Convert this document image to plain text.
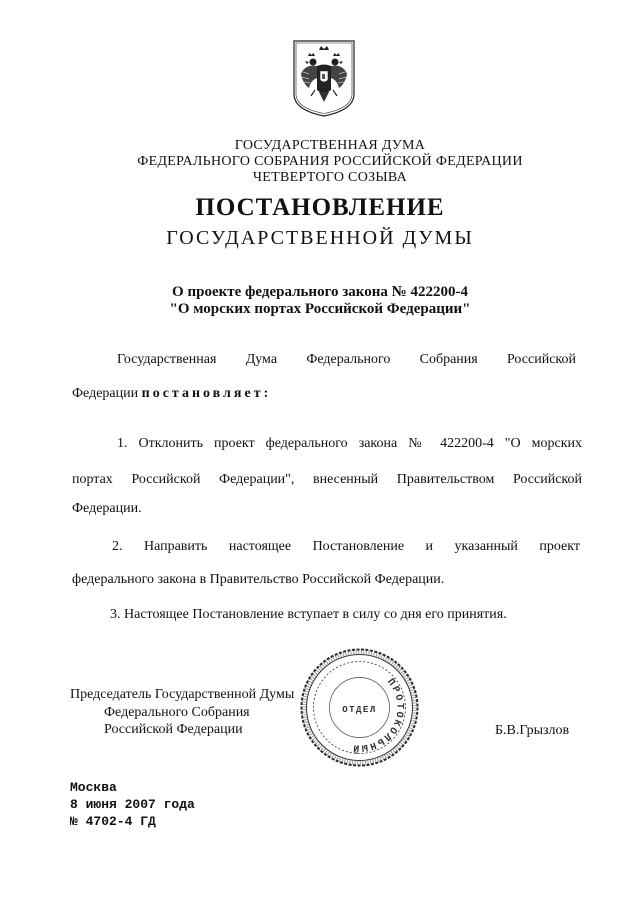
ГОСУДАРСТВЕННАЯ ДУМА
ФЕДЕРАЛЬНОГО СОБРАНИЯ РОССИЙСКОЙ ФЕДЕРАЦИИ
ЧЕТВЕРТОГО СОЗЫВА
ПОСТАНОВЛЕНИЕ
ГОСУДАРСТВЕННОЙ ДУМЫ
О проекте федерального закона № 422200-4
"О морских портах Российской Федерации"
Государственная Дума Федерального Собрания Российской
Федерации постановляет:
1. Отклонить проект федерального закона № 422200-4 "О морских
портах Российской Федерации", внесенный Правительством Российской
Федерации.
2. Направить настоящее Постановление и указанный проект
федерального закона в Правительство Российской Федерации.
3. Настоящее Постановление вступает в силу со дня его принятия.
ПРОТОКОЛЬНЫЙ
ОТДЕЛ
Председатель Государственной Думы
Федерального Собрания
Российской Федерации	Б.В.Грызлов
Москва
8 июня 2007 года
№ 4702-4 ГД
